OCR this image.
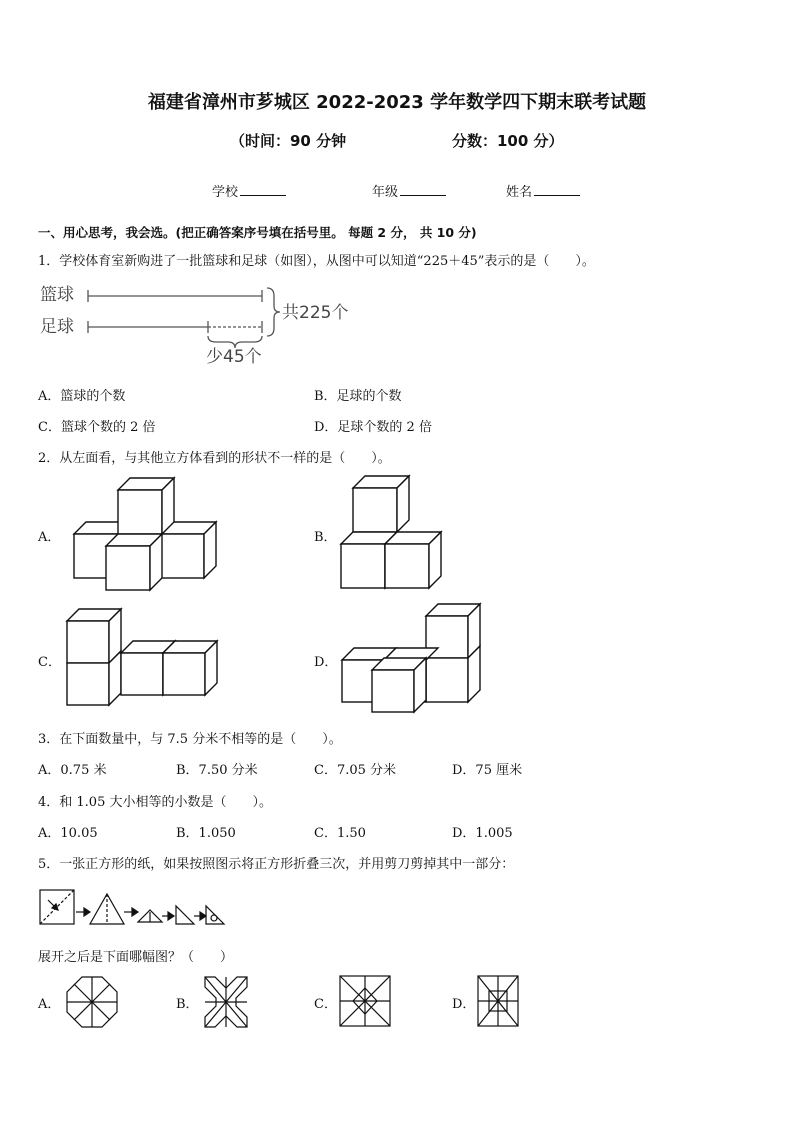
福建省漳州市芗城区 2022-2023 学年数学四下期末联考试题
（时间：90 分钟	分数：100 分）
学校	年级	姓名
一、用心思考，我会选。(把正确答案序号填在括号里。 每题 2 分， 共 10 分)
1．学校体育室新购进了一批篮球和足球（如图），从图中可以知道“225＋45”表示的是（　　）。
篮球
足球
共225个
少45个
A．篮球的个数	B．足球的个数
C．篮球个数的 2 倍	D．足球个数的 2 倍
2．从左面看，与其他立方体看到的形状不一样的是（　　）。
A．	B．
C．	D．
3．在下面数量中，与 7.5 分米不相等的是（　　）。
A．0.75 米	B．7.50 分米	C．7.05 分米	D．75 厘米
4．和 1.05 大小相等的小数是（　　）。
A．10.05	B．1.050	C．1.50	D．1.005
5．一张正方形的纸，如果按照图示将正方形折叠三次，并用剪刀剪掉其中一部分：
展开之后是下面哪幅图？（　　）
A．	B．	C．	D．
